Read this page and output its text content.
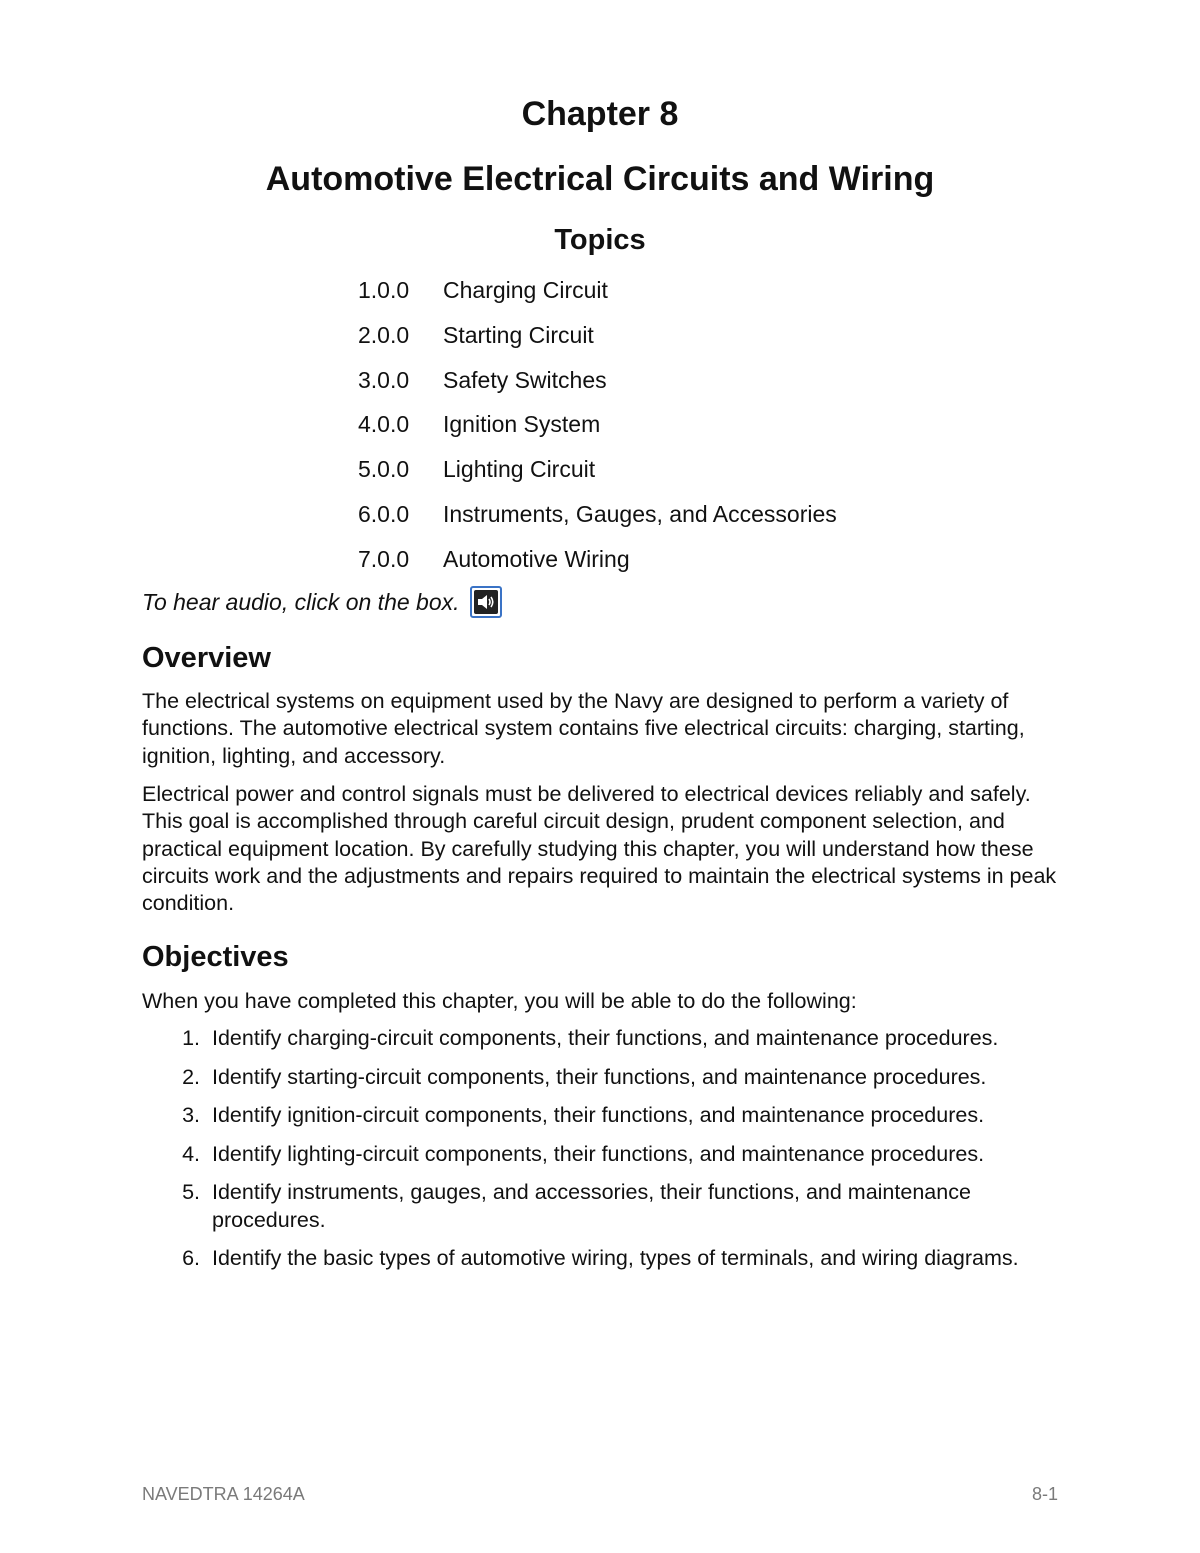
Chapter 8
Automotive Electrical Circuits and Wiring
Topics
1.0.0	Charging Circuit
2.0.0	Starting Circuit
3.0.0	Safety Switches
4.0.0	Ignition System
5.0.0	Lighting Circuit
6.0.0	Instruments, Gauges, and Accessories
7.0.0	Automotive Wiring
To hear audio, click on the box.
Overview

The electrical systems on equipment used by the Navy are designed to perform a variety of functions. The automotive electrical system contains five electrical circuits: charging, starting, ignition, lighting, and accessory.

Electrical power and control signals must be delivered to electrical devices reliably and safely. This goal is accomplished through careful circuit design, prudent component selection, and practical equipment location. By carefully studying this chapter, you will understand how these circuits work and the adjustments and repairs required to maintain the electrical systems in peak condition.

Objectives

When you have completed this chapter, you will be able to do the following:

1. Identify charging-circuit components, their functions, and maintenance procedures.
2. Identify starting-circuit components, their functions, and maintenance procedures.
3. Identify ignition-circuit components, their functions, and maintenance procedures.
4. Identify lighting-circuit components, their functions, and maintenance procedures.
5. Identify instruments, gauges, and accessories, their functions, and maintenance procedures.
6. Identify the basic types of automotive wiring, types of terminals, and wiring diagrams.
NAVEDTRA 14264A	8-1
